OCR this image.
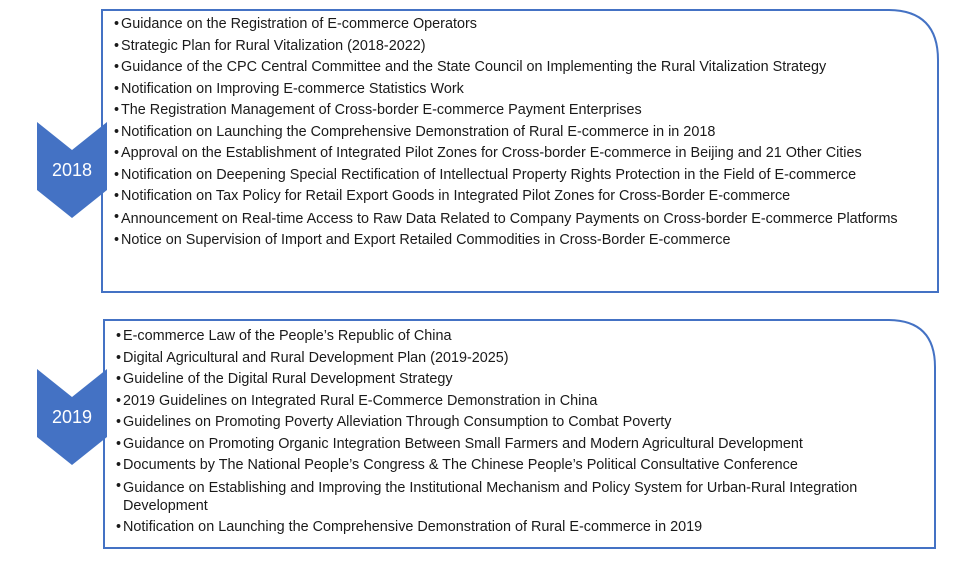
2018
2019
• Guidance on the Registration of E-commerce Operators
• Strategic Plan for Rural Vitalization (2018-2022)
• Guidance of the CPC Central Committee and the State Council on Implementing the Rural Vitalization Strategy
• Notification on Improving E-commerce Statistics Work
• The Registration Management of Cross-border E-commerce Payment Enterprises
• Notification on Launching the Comprehensive Demonstration of Rural E-commerce in in 2018
• Approval on the Establishment of Integrated Pilot Zones for Cross-border E-commerce in Beijing and 21 Other Cities
• Notification on Deepening Special Rectification of Intellectual Property Rights Protection in the Field of E-commerce
• Notification on Tax Policy for Retail Export Goods in Integrated Pilot Zones for Cross-Border E-commerce
• Announcement on Real-time Access to Raw Data Related to Company Payments on Cross-border E-commerce Platforms
• Notice on Supervision of Import and Export Retailed Commodities in Cross-Border E-commerce
• E-commerce Law of the People’s Republic of China
• Digital Agricultural and Rural Development Plan (2019-2025)
• Guideline of the Digital Rural Development Strategy
• 2019 Guidelines on Integrated Rural E-Commerce Demonstration in China
• Guidelines on Promoting Poverty Alleviation Through Consumption to Combat Poverty
• Guidance on Promoting Organic Integration Between Small Farmers and Modern Agricultural Development
• Documents by The National People’s Congress & The Chinese People’s Political Consultative Conference
• Guidance on Establishing and Improving the Institutional Mechanism and Policy System for Urban-Rural Integration Development
• Notification on Launching the Comprehensive Demonstration of Rural E-commerce in 2019
